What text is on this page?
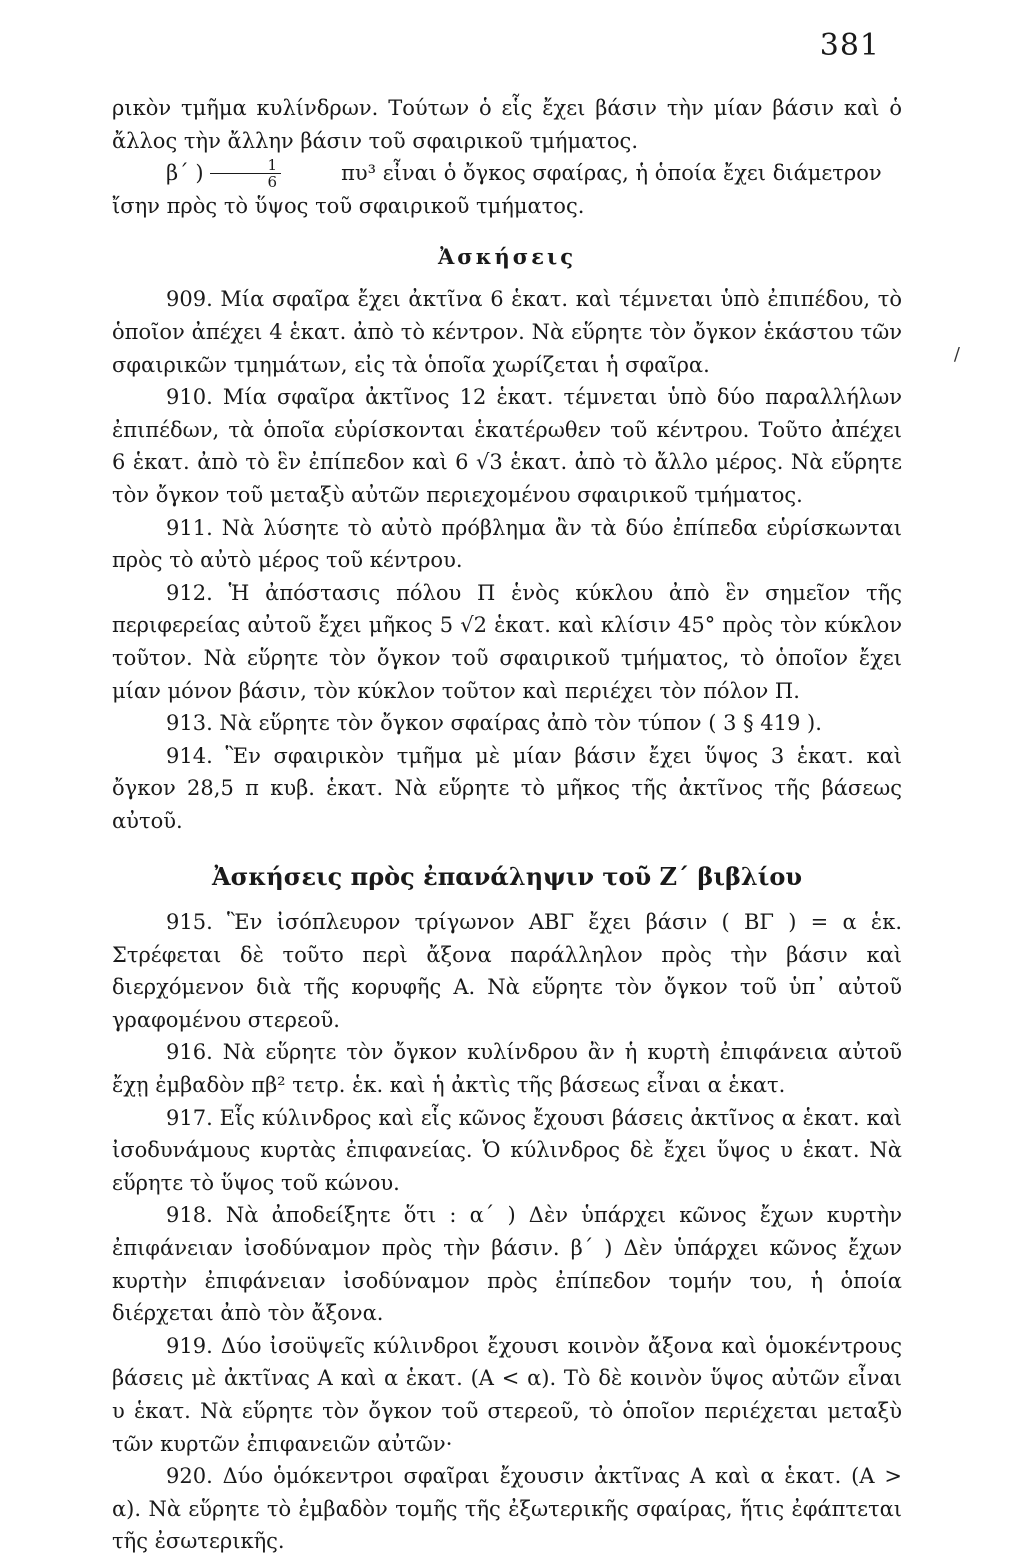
381
/

ρικὸν τμῆμα κυλίνδρων. Τούτων ὁ εἷς ἔχει βάσιν τὴν μίαν βάσιν καὶ ὁ ἄλλος τὴν ἄλλην βάσιν τοῦ σφαιρικοῦ τμήματος.

β΄ ) $\frac{1}{6}$	πυ³ εἶναι ὁ ὄγκος σφαίρας, ἡ ὁποία ἔχει διάμετρον

ἴσην πρὸς τὸ ὕψος τοῦ σφαιρικοῦ τμήματος.

Ἀσκήσεις

909. Μία σφαῖρα ἔχει ἀκτῖνα 6 ἑκατ. καὶ τέμνεται ὑπὸ ἐπιπέδου, τὸ ὁποῖον ἀπέχει 4 ἑκατ. ἀπὸ τὸ κέντρον. Νὰ εὕρητε τὸν ὄγκον ἑκάστου τῶν σφαιρικῶν τμημάτων, εἰς τὰ ὁποῖα χωρίζεται ἡ σφαῖρα.

910. Μία σφαῖρα ἀκτῖνος 12 ἑκατ. τέμνεται ὑπὸ δύο παραλλήλων ἐπιπέδων, τὰ ὁποῖα εὑρίσκονται ἑκατέρωθεν τοῦ κέντρου. Τοῦτο ἀπέχει 6 ἑκατ. ἀπὸ τὸ ἓν ἐπίπεδον καὶ 6 √3 ἑκατ. ἀπὸ τὸ ἄλλο μέρος. Νὰ εὕρητε τὸν ὄγκον τοῦ μεταξὺ αὐτῶν περιεχομένου σφαιρικοῦ τμήματος.

911. Νὰ λύσητε τὸ αὐτὸ πρόβλημα ἂν τὰ δύο ἐπίπεδα εὑρίσκωνται πρὸς τὸ αὐτὸ μέρος τοῦ κέντρου.

912. Ἡ ἀπόστασις πόλου Π ἑνὸς κύκλου ἀπὸ ἓν σημεῖον τῆς περιφερείας αὐτοῦ ἔχει μῆκος 5 √2 ἑκατ. καὶ κλίσιν 45° πρὸς τὸν κύκλον τοῦτον. Νὰ εὕρητε τὸν ὄγκον τοῦ σφαιρικοῦ τμήματος, τὸ ὁποῖον ἔχει μίαν μόνον βάσιν, τὸν κύκλον τοῦτον καὶ περιέχει τὸν πόλον Π.

913. Νὰ εὕρητε τὸν ὄγκον σφαίρας ἀπὸ τὸν τύπον ( 3 § 419 ).

914. Ἓν σφαιρικὸν τμῆμα μὲ μίαν βάσιν ἔχει ὕψος 3 ἑκατ. καὶ ὄγκον 28,5 π κυβ. ἑκατ. Νὰ εὕρητε τὸ μῆκος τῆς ἀκτῖνος τῆς βάσεως αὐτοῦ.

Ἀσκήσεις πρὸς ἐπανάληψιν τοῦ Ζ΄ βιβλίου

915. Ἓν ἰσόπλευρον τρίγωνον ΑΒΓ ἔχει βάσιν ( ΒΓ ) = α ἑκ. Στρέφεται δὲ τοῦτο περὶ ἄξονα παράλληλον πρὸς τὴν βάσιν καὶ διερχόμενον διὰ τῆς κορυφῆς Α. Νὰ εὕρητε τὸν ὄγκον τοῦ ὑπ᾽ αὐτοῦ γραφομένου στερεοῦ.

916. Νὰ εὕρητε τὸν ὄγκον κυλίνδρου ἂν ἡ κυρτὴ ἐπιφάνεια αὐτοῦ ἔχῃ ἐμβαδὸν πβ² τετρ. ἑκ. καὶ ἡ ἀκτὶς τῆς βάσεως εἶναι α ἑκατ.

917. Εἷς κύλινδρος καὶ εἷς κῶνος ἔχουσι βάσεις ἀκτῖνος α ἑκατ. καὶ ἰσοδυνάμους κυρτὰς ἐπιφανείας. Ὁ κύλινδρος δὲ ἔχει ὕψος υ ἑκατ. Νὰ εὕρητε τὸ ὕψος τοῦ κώνου.

918. Νὰ ἀποδείξητε ὅτι : α΄ ) Δὲν ὑπάρχει κῶνος ἔχων κυρτὴν ἐπιφάνειαν ἰσοδύναμον πρὸς τὴν βάσιν. β΄ ) Δὲν ὑπάρχει κῶνος ἔχων κυρτὴν ἐπιφάνειαν ἰσοδύναμον πρὸς ἐπίπεδον τομήν του, ἡ ὁποία διέρχεται ἀπὸ τὸν ἄξονα.

919. Δύο ἰσοϋψεῖς κύλινδροι ἔχουσι κοινὸν ἄξονα καὶ ὁμοκέντρους βάσεις μὲ ἀκτῖνας Α καὶ α ἑκατ. (Α < α). Τὸ δὲ κοινὸν ὕψος αὐτῶν εἶναι υ ἑκατ. Νὰ εὕρητε τὸν ὄγκον τοῦ στερεοῦ, τὸ ὁποῖον περιέχεται μεταξὺ τῶν κυρτῶν ἐπιφανειῶν αὐτῶν·

920. Δύο ὁμόκεντροι σφαῖραι ἔχουσιν ἀκτῖνας Α καὶ α ἑκατ. (Α > α). Νὰ εὕρητε τὸ ἐμβαδὸν τομῆς τῆς ἐξωτερικῆς σφαίρας, ἥτις ἐφάπτεται τῆς ἐσωτερικῆς.
